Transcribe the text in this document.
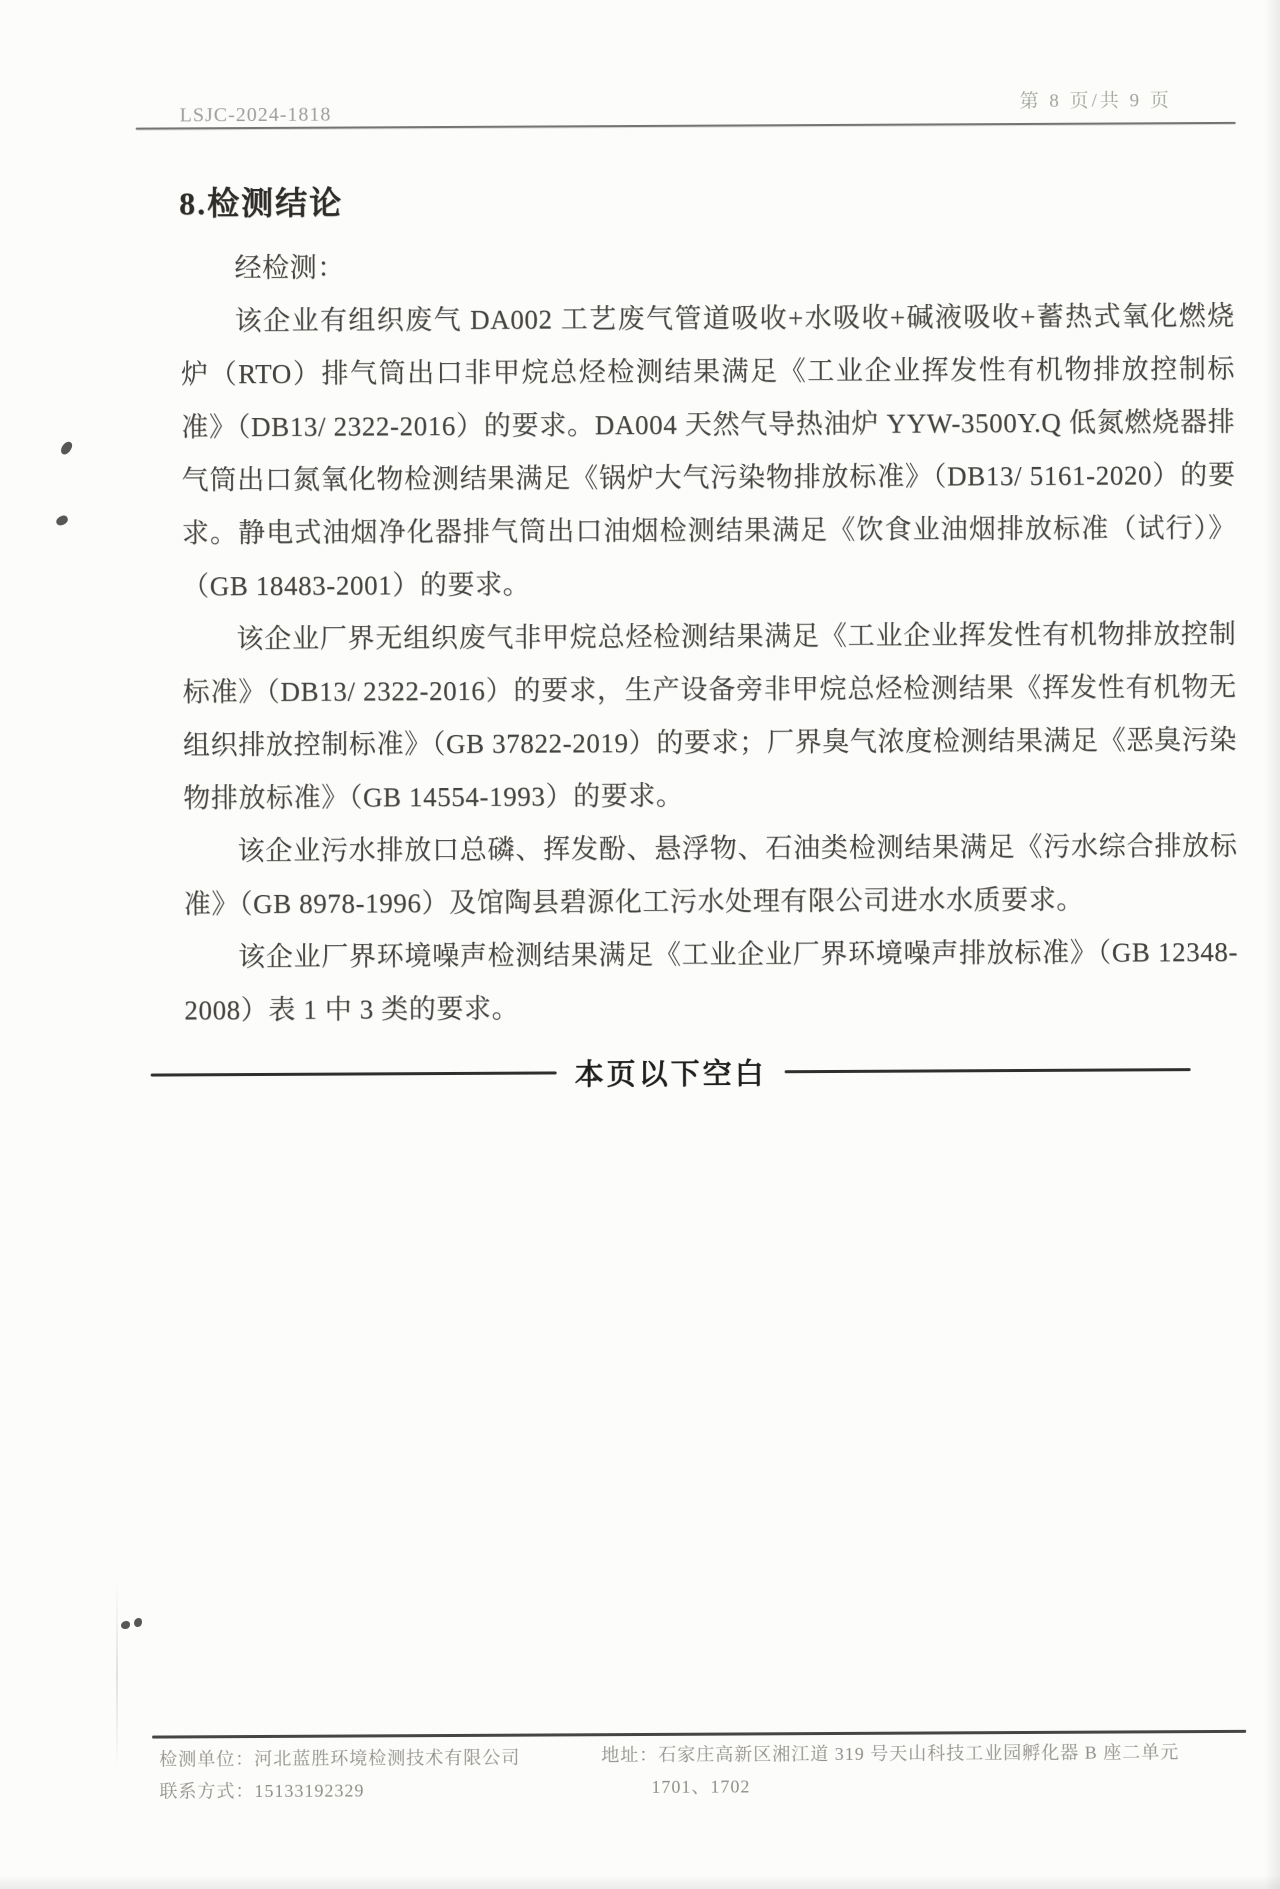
LSJC-2024-1818
第 8 页/共 9 页
8.检测结论

经检测：

该企业有组织废气 DA002 工艺废气管道吸收+水吸收+碱液吸收+蓄热式氧化燃烧炉（RTO）排气筒出口非甲烷总烃检测结果满足《工业企业挥发性有机物排放控制标准》（DB13/ 2322-2016）的要求。DA004 天然气导热油炉 YYW-3500Y.Q 低氮燃烧器排气筒出口氮氧化物检测结果满足《锅炉大气污染物排放标准》（DB13/ 5161-2020）的要求。静电式油烟净化器排气筒出口油烟检测结果满足《饮食业油烟排放标准（试行）》（GB 18483-2001）的要求。

该企业厂界无组织废气非甲烷总烃检测结果满足《工业企业挥发性有机物排放控制标准》（DB13/ 2322-2016）的要求，生产设备旁非甲烷总烃检测结果《挥发性有机物无组织排放控制标准》（GB 37822-2019）的要求；厂界臭气浓度检测结果满足《恶臭污染物排放标准》（GB 14554-1993）的要求。

该企业污水排放口总磷、挥发酚、悬浮物、石油类检测结果满足《污水综合排放标准》（GB 8978-1996）及馆陶县碧源化工污水处理有限公司进水水质要求。

该企业厂界环境噪声检测结果满足《工业企业厂界环境噪声排放标准》（GB 12348-2008）表 1 中 3 类的要求。

本页以下空白
检测单位：河北蓝胜环境检测技术有限公司
联系方式：15133192329
地址：石家庄高新区湘江道 319 号天山科技工业园孵化器 B 座二单元
1701、1702
